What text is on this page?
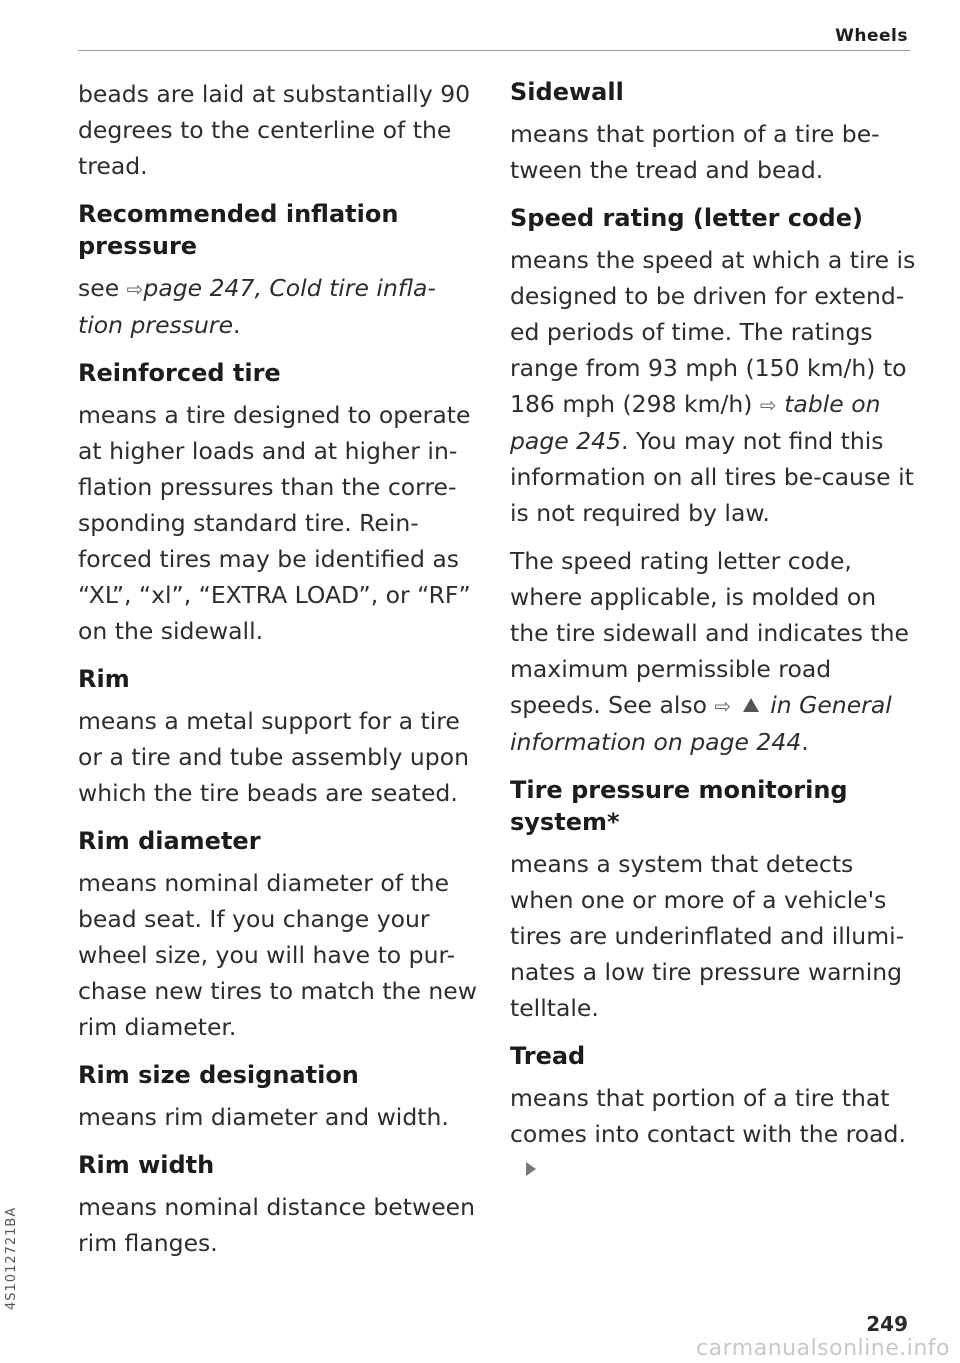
Wheels

beads are laid at substantially 90 degrees to the centerline of the tread.

Recommended inflation pressure

see ⇨page 247, Cold tire infla-tion pressure.

Reinforced tire

means a tire designed to operate at higher loads and at higher in-flation pressures than the corre-sponding standard tire. Rein-forced tires may be identified as “XL”, “xl”, “EXTRA LOAD”, or “RF” on the sidewall.

Rim

means a metal support for a tire or a tire and tube assembly upon which the tire beads are seated.

Rim diameter

means nominal diameter of the bead seat. If you change your wheel size, you will have to pur-chase new tires to match the new rim diameter.

Rim size designation

means rim diameter and width.

Rim width

means nominal distance between rim flanges.

Sidewall

means that portion of a tire be-tween the tread and bead.

Speed rating (letter code)

means the speed at which a tire is designed to be driven for extend-ed periods of time. The ratings range from 93 mph (150 km/h) to 186 mph (298 km/h) ⇨ table on page 245. You may not find this information on all tires be-cause it is not required by law.

The speed rating letter code, where applicable, is molded on the tire sidewall and indicates the maximum permissible road speeds. See also ⇨ in General information on page 244.

Tire pressure monitoring system*

means a system that detects when one or more of a vehicle's tires are underinflated and illumi-nates a low tire pressure warning telltale.

Tread

means that portion of a tire that comes into contact with the road.

4S1012721BA
249
carmanualsonline.info
